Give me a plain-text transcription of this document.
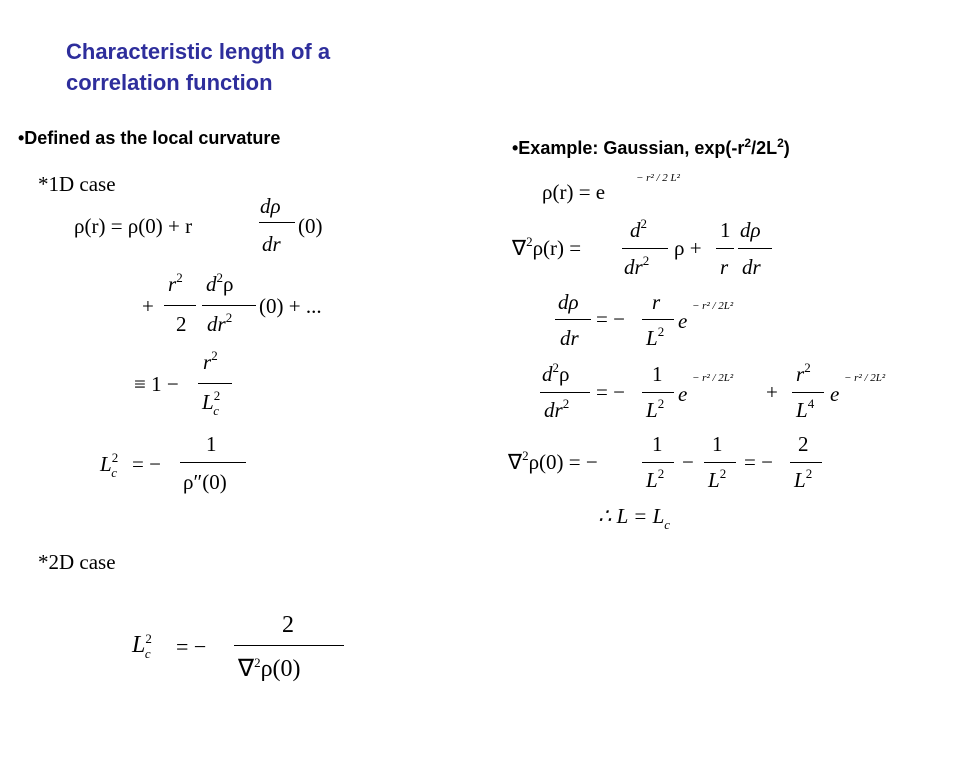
Characteristic length of a correlation function
•Defined as the local curvature	•Example: Gaussian, $\exp(-r^2/2L^2)$
*1D case
ρ(r) = ρ(0) + r
dρ
dr
(0)
+
$r^2$
2
$d^2\rho$
$dr^2$ (0) + ...
≡ 1 −
$r^2$
$L^2_c$
$L^2_c$ = −
1
ρ″(0)
*2D case
$L^2_c$ = −
2
∇$^2$ρ(0)
ρ(r) = e
− r² / 2 L²
∇$^2$ρ(r) =
$d^2$
$dr^2$
ρ +
1
r
dρ
dr
dρ
dr
= −
r
$L^2$ e
− r² / 2L²
$d^2\rho$
$dr^2$ = −
1
$L^2$ e
− r² / 2L²
+
$r^2$
$L^4$ e
− r² / 2L²
∇$^2$ρ(0) = −
1
$L^2$ −
1
$L^2$ = −
2
$L^2$
∴ $L = L_c$
